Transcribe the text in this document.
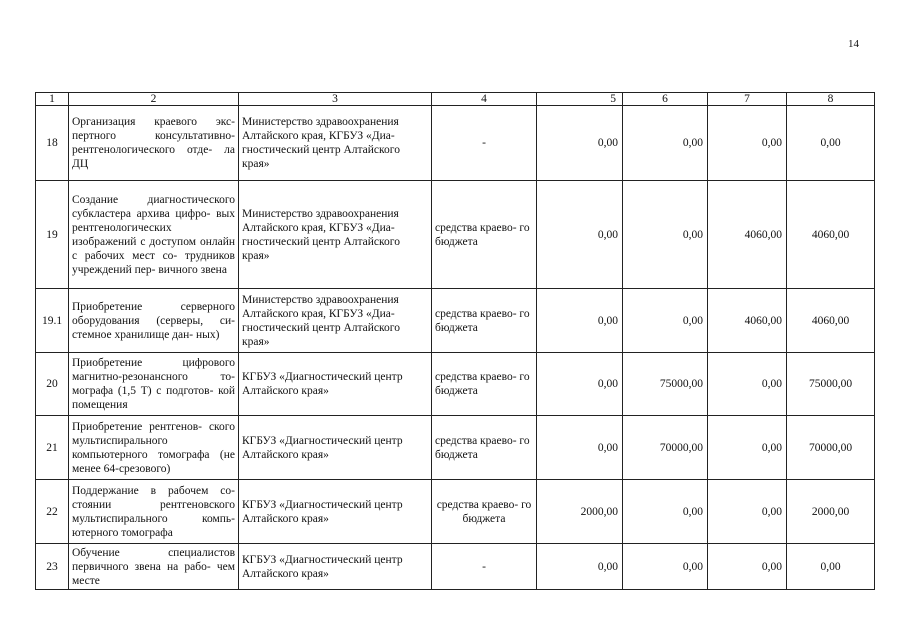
14
1	2	3	4	5	6	7	8
18	Организация краевого экс- пертного консультативно- рентгенологического отде- ла ДЦ	Министерство здравоохранения Алтайского края, КГБУЗ «Диа- гностический центр Алтайского края»	-	0,00	0,00	0,00	0,00
19	Создание диагностического субкластера архива цифро- вых рентгенологических изображений с доступом онлайн с рабочих мест со- трудников учреждений пер- вичного звена	Министерство здравоохранения Алтайского края, КГБУЗ «Диа- гностический центр Алтайского края»	средства краево- го бюджета	0,00	0,00	4060,00	4060,00
19.1	Приобретение серверного оборудования (серверы, си- стемное хранилище дан- ных)	Министерство здравоохранения Алтайского края, КГБУЗ «Диа- гностический центр Алтайского края»	средства краево- го бюджета	0,00	0,00	4060,00	4060,00
20	Приобретение цифрового магнитно-резонансного то- мографа (1,5 Т) с подготов- кой помещения	КГБУЗ «Диагностический центр Алтайского края»	средства краево- го бюджета	0,00	75000,00	0,00	75000,00
21	Приобретение рентгенов- ского мультиспирального компьютерного томографа (не менее 64-срезового)	КГБУЗ «Диагностический центр Алтайского края»	средства краево- го бюджета	0,00	70000,00	0,00	70000,00
22	Поддержание в рабочем со- стоянии рентгеновского мультиспирального компь- ютерного томографа	КГБУЗ «Диагностический центр Алтайского края»	средства краево- го бюджета	2000,00	0,00	0,00	2000,00
23	Обучение специалистов первичного звена на рабо- чем месте	КГБУЗ «Диагностический центр Алтайского края»	-	0,00	0,00	0,00	0,00
